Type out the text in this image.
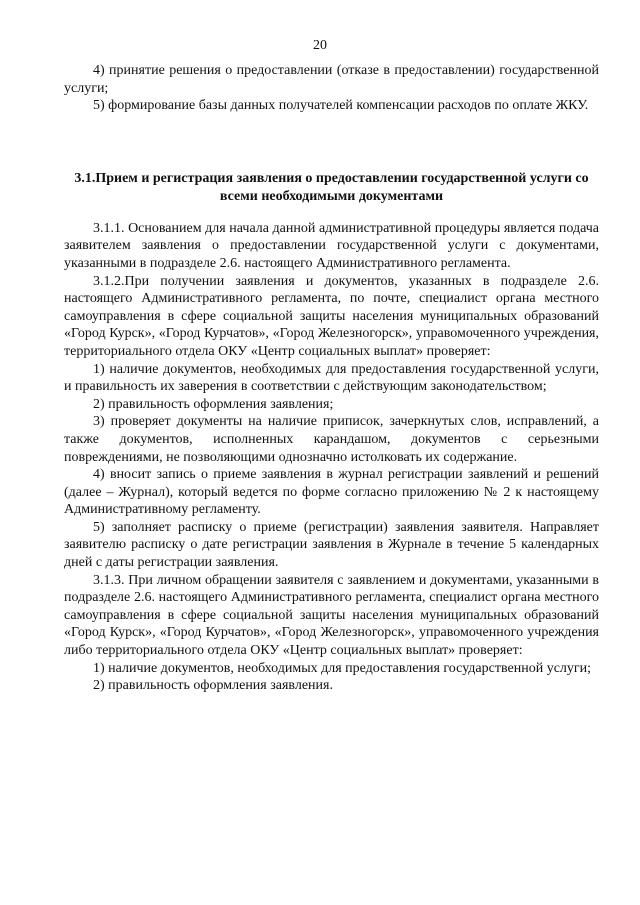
20

4) принятие решения о предоставлении (отказе в предоставлении) государственной услуги;

5) формирование базы данных получателей компенсации расходов по оплате ЖКУ.

3.1.Прием и регистрация заявления о предоставлении государственной услуги со всеми необходимыми документами

3.1.1. Основанием для начала данной административной процедуры является подача заявителем заявления о предоставлении государственной услуги с документами, указанными в подразделе 2.6. настоящего Административного регламента.

3.1.2.При получении заявления и документов, указанных в подразделе 2.6. настоящего Административного регламента, по почте, специалист органа местного самоуправления в сфере социальной защиты населения муниципальных образований «Город Курск», «Город Курчатов», «Город Железногорск», управомоченного учреждения, территориального отдела ОКУ «Центр социальных выплат» проверяет:

1) наличие документов, необходимых для предоставления государственной услуги, и правильность их заверения в соответствии с действующим законодательством;

2) правильность оформления заявления;

3) проверяет документы на наличие приписок, зачеркнутых слов, исправлений, а также документов, исполненных карандашом, документов с серьезными повреждениями, не позволяющими однозначно истолковать их содержание.

4) вносит запись о приеме заявления в журнал регистрации заявлений и решений (далее – Журнал), который ведется по форме согласно приложению № 2 к настоящему Административному регламенту.

5) заполняет расписку о приеме (регистрации) заявления заявителя. Направляет заявителю расписку о дате регистрации заявления в Журнале в течение 5 календарных дней с даты регистрации заявления.

3.1.3. При личном обращении заявителя с заявлением и документами, указанными в подразделе 2.6. настоящего Административного регламента, специалист органа местного самоуправления в сфере социальной защиты населения муниципальных образований «Город Курск», «Город Курчатов», «Город Железногорск», управомоченного учреждения либо территориального отдела ОКУ «Центр социальных выплат» проверяет:

1) наличие документов, необходимых для предоставления государственной услуги;

2) правильность оформления заявления.
